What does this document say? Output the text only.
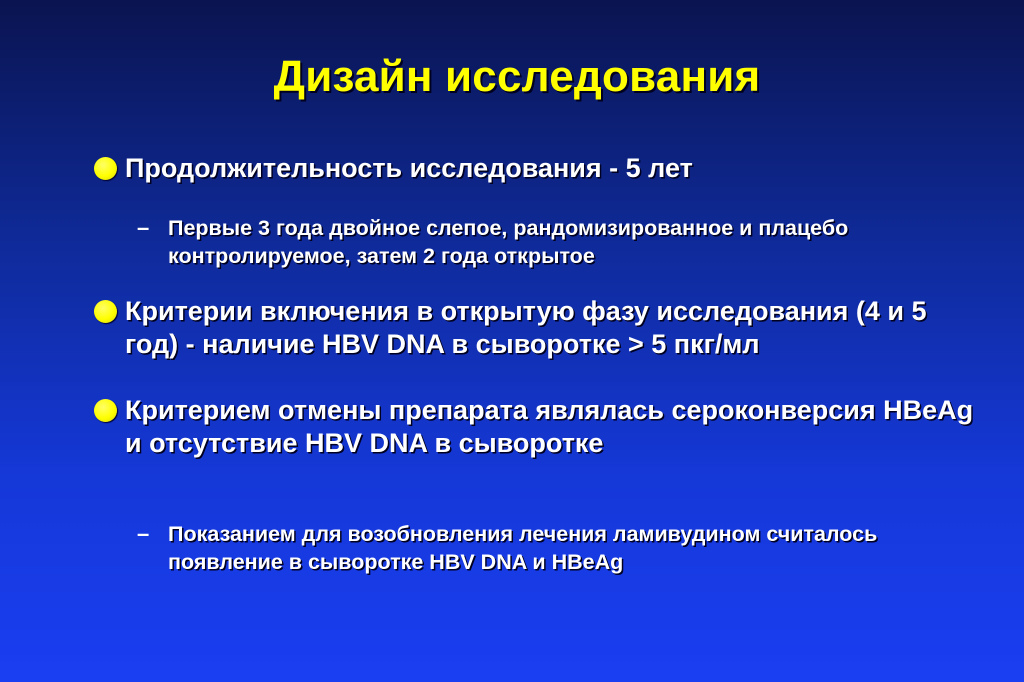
Дизайн исследования
Продолжительность исследования - 5 лет
– Первые 3 года двойное слепое, рандомизированное и плацебо контролируемое, затем 2 года открытое
Критерии включения в открытую фазу исследования (4 и 5 год) - наличие HBV DNA в сыворотке > 5 пкг/мл
Критерием отмены препарата являлась сероконверсия HBeAg и отсутствие HBV DNA в сыворотке
– Показанием для возобновления лечения ламивудином считалось появление в сыворотке HBV DNA и HBeAg
